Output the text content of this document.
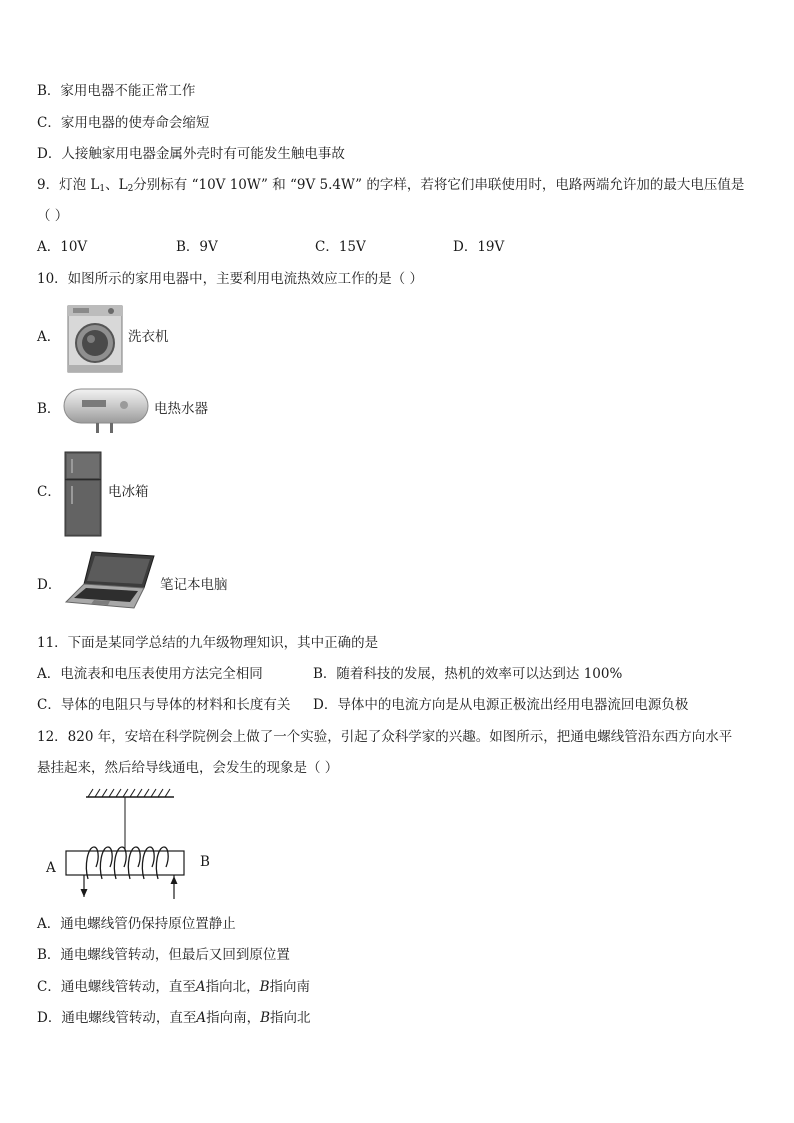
B．家用电器不能正常工作
C．家用电器的使寿命会缩短
D．人接触家用电器金属外壳时有可能发生触电事故
9．灯泡 $L_1$、$L_2$分别标有 “10V 10W” 和 “9V 5.4W” 的字样，若将它们串联使用时，电路两端允许加的最大电压值是
（ ）
A．10V	B．9V	C．15V	D．19V
10．如图所示的家用电器中，主要利用电流热效应工作的是（ ）
A．	洗衣机
B．	电热水器
C．	电冰箱
D．	笔记本电脑
11．下面是某同学总结的九年级物理知识，其中正确的是
A．电流表和电压表使用方法完全相同	B．随着科技的发展，热机的效率可以达到达 100%
C．导体的电阻只与导体的材料和长度有关 D．导体中的电流方向是从电源正极流出经用电器流回电源负极
12．820 年，安培在科学院例会上做了一个实验，引起了众科学家的兴趣。如图所示，把通电螺线管沿东西方向水平
悬挂起来，然后给导线通电，会发生的现象是（ ）
A	B
A．通电螺线管仍保持原位置静止
B．通电螺线管转动，但最后又回到原位置
C．通电螺线管转动，直至A指向北，B指向南
D．通电螺线管转动，直至A指向南，B指向北
